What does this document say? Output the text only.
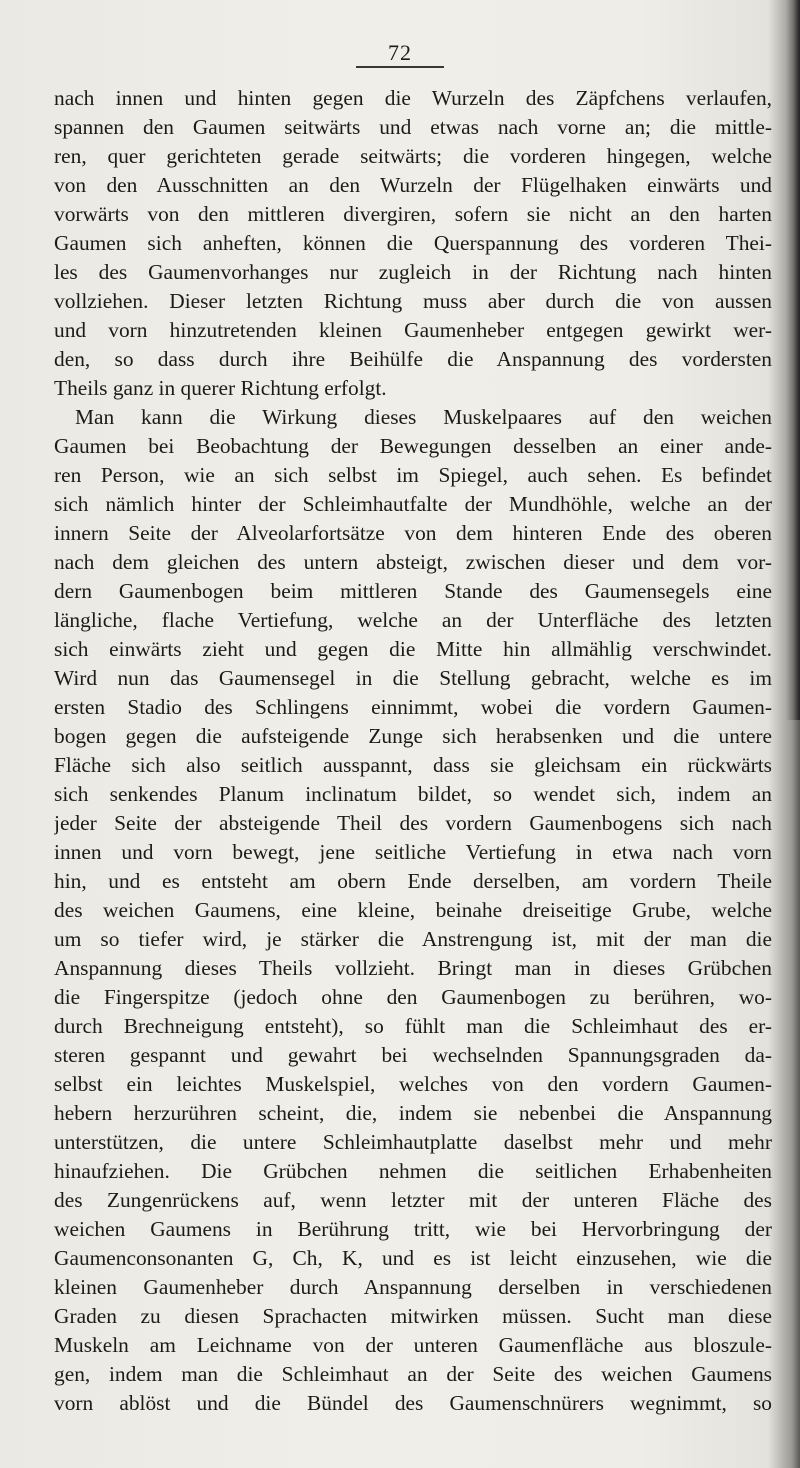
72
nach innen und hinten gegen die Wurzeln des Zäpfchens verlaufen,
spannen den Gaumen seitwärts und etwas nach vorne an; die mittle-
ren, quer gerichteten gerade seitwärts; die vorderen hingegen, welche
von den Ausschnitten an den Wurzeln der Flügelhaken einwärts und
vorwärts von den mittleren divergiren, sofern sie nicht an den harten
Gaumen sich anheften, können die Querspannung des vorderen Thei-
les des Gaumenvorhanges nur zugleich in der Richtung nach hinten
vollziehen. Dieser letzten Richtung muss aber durch die von aussen
und vorn hinzutretenden kleinen Gaumenheber entgegen gewirkt wer-
den, so dass durch ihre Beihülfe die Anspannung des vordersten
Theils ganz in querer Richtung erfolgt.
Man kann die Wirkung dieses Muskelpaares auf den weichen
Gaumen bei Beobachtung der Bewegungen desselben an einer ande-
ren Person, wie an sich selbst im Spiegel, auch sehen. Es befindet
sich nämlich hinter der Schleimhautfalte der Mundhöhle, welche an der
innern Seite der Alveolarfortsätze von dem hinteren Ende des oberen
nach dem gleichen des untern absteigt, zwischen dieser und dem vor-
dern Gaumenbogen beim mittleren Stande des Gaumensegels eine
längliche, flache Vertiefung, welche an der Unterfläche des letzten
sich einwärts zieht und gegen die Mitte hin allmählig verschwindet.
Wird nun das Gaumensegel in die Stellung gebracht, welche es im
ersten Stadio des Schlingens einnimmt, wobei die vordern Gaumen-
bogen gegen die aufsteigende Zunge sich herabsenken und die untere
Fläche sich also seitlich ausspannt, dass sie gleichsam ein rückwärts
sich senkendes Planum inclinatum bildet, so wendet sich, indem an
jeder Seite der absteigende Theil des vordern Gaumenbogens sich nach
innen und vorn bewegt, jene seitliche Vertiefung in etwa nach vorn
hin, und es entsteht am obern Ende derselben, am vordern Theile
des weichen Gaumens, eine kleine, beinahe dreiseitige Grube, welche
um so tiefer wird, je stärker die Anstrengung ist, mit der man die
Anspannung dieses Theils vollzieht. Bringt man in dieses Grübchen
die Fingerspitze (jedoch ohne den Gaumenbogen zu berühren, wo-
durch Brechneigung entsteht), so fühlt man die Schleimhaut des er-
steren gespannt und gewahrt bei wechselnden Spannungsgraden da-
selbst ein leichtes Muskelspiel, welches von den vordern Gaumen-
hebern herzurühren scheint, die, indem sie nebenbei die Anspannung
unterstützen, die untere Schleimhautplatte daselbst mehr und mehr
hinaufziehen. Die Grübchen nehmen die seitlichen Erhabenheiten
des Zungenrückens auf, wenn letzter mit der unteren Fläche des
weichen Gaumens in Berührung tritt, wie bei Hervorbringung der
Gaumenconsonanten G, Ch, K, und es ist leicht einzusehen, wie die
kleinen Gaumenheber durch Anspannung derselben in verschiedenen
Graden zu diesen Sprachacten mitwirken müssen. Sucht man diese
Muskeln am Leichname von der unteren Gaumenfläche aus bloszule-
gen, indem man die Schleimhaut an der Seite des weichen Gaumens
vorn ablöst und die Bündel des Gaumenschnürers wegnimmt, so
